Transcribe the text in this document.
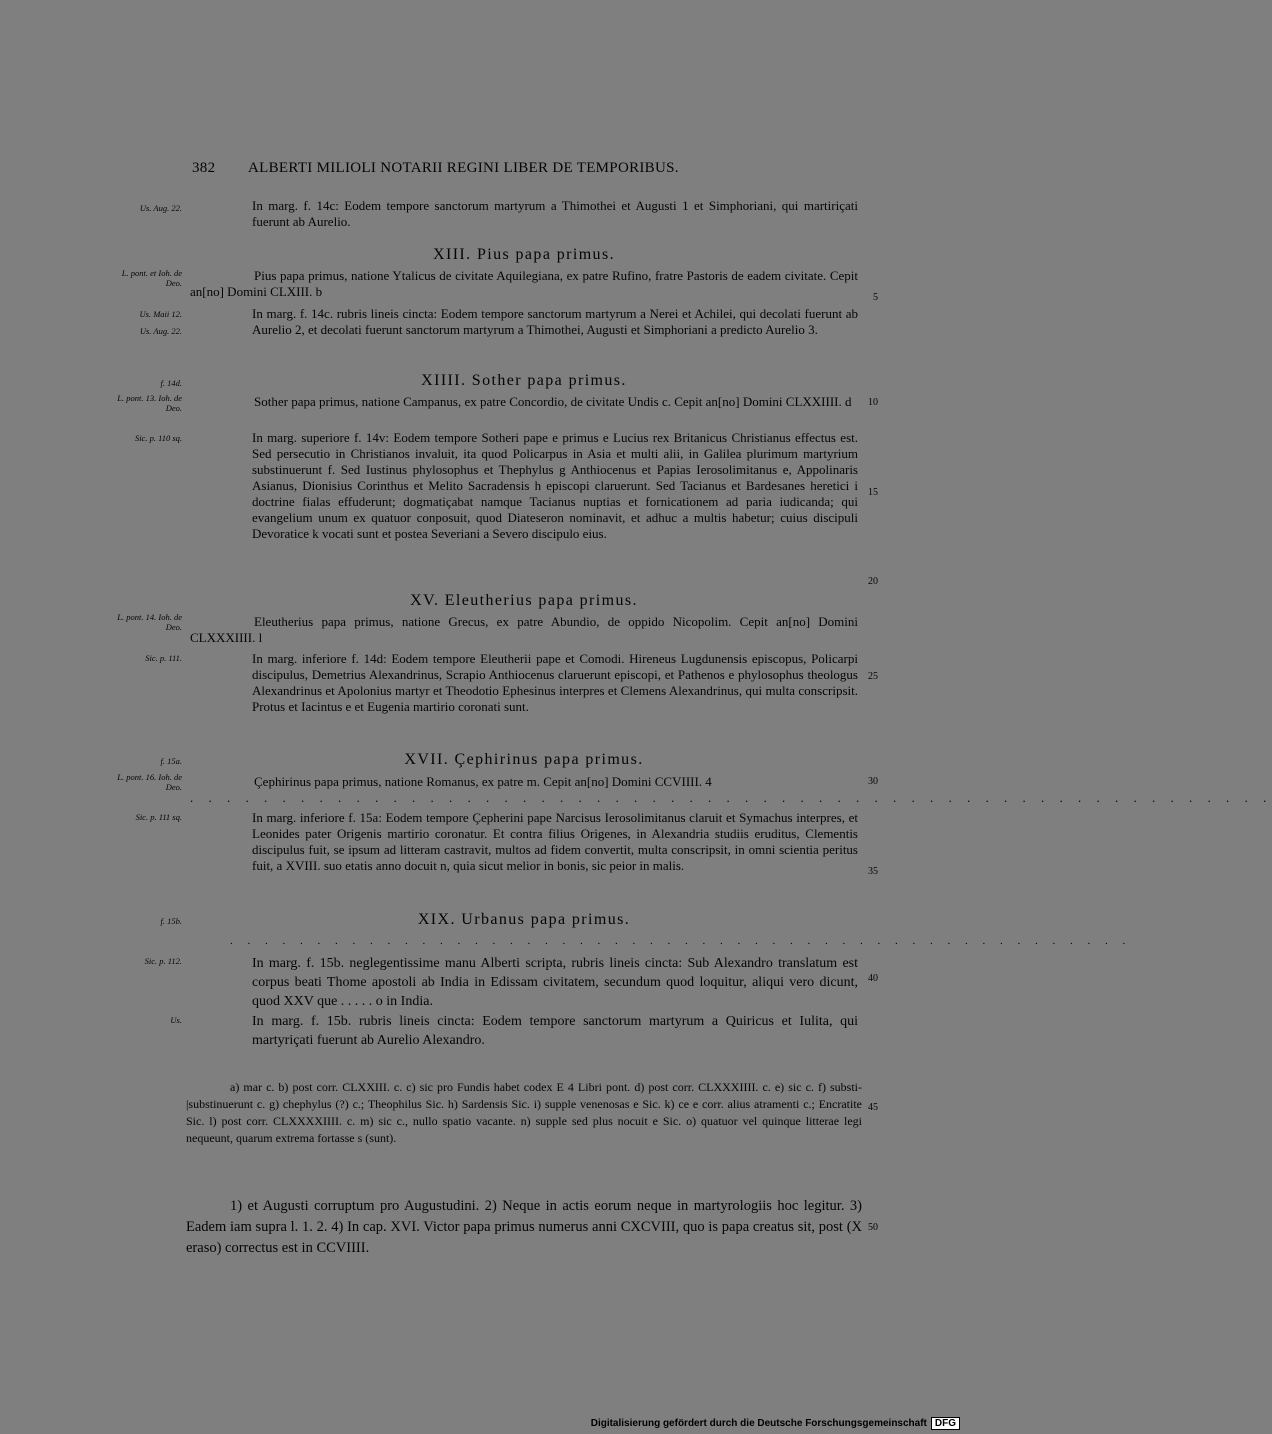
382 ALBERTI MILIOLI NOTARII REGINI LIBER DE TEMPORIBUS.
Us. Aug. 22.
L. pont. et Ioh. de Deo.
Us. Maii 12.
Us. Aug. 22.
f. 14d.
L. pont. 13. Ioh. de Deo.
Sic. p. 110 sq.
L. pont. 14. Ioh. de Deo.
Sic. p. 111.
f. 15a.
L. pont. 16. Ioh. de Deo.
Sic. p. 111 sq.
f. 15b.
Sic. p. 112.
Us.
5
10
15
20
25
30
35
40
45
50

In marg. f. 14c: Eodem tempore sanctorum martyrum a Thimothei et Augusti 1 et Simphoriani, qui martiriçati fuerunt ab Aurelio.

XIII. Pius papa primus.

Pius papa primus, natione Ytalicus de civitate Aquilegiana, ex patre Rufino, fratre Pastoris de eadem civitate. Cepit an[no] Domini CLXIII. b

In marg. f. 14c. rubris lineis cincta: Eodem tempore sanctorum martyrum a Nerei et Achilei, qui decolati fuerunt ab Aurelio 2, et decolati fuerunt sanctorum martyrum a Thimothei, Augusti et Simphoriani a predicto Aurelio 3.

XIIII. Sother papa primus.

Sother papa primus, natione Campanus, ex patre Concordio, de civitate Undis c. Cepit an[no] Domini CLXXIIII. d

In marg. superiore f. 14v: Eodem tempore Sotheri pape e primus e Lucius rex Britanicus Christianus effectus est. Sed persecutio in Christianos invaluit, ita quod Policarpus in Asia et multi alii, in Galilea plurimum martyrium substinuerunt f. Sed Iustinus phylosophus et Thephylus g Anthiocenus et Papias Ierosolimitanus e, Appolinaris Asianus, Dionisius Corinthus et Melito Sacradensis h episcopi claruerunt. Sed Tacianus et Bardesanes heretici i doctrine fialas effuderunt; dogmatiçabat namque Tacianus nuptias et fornicationem ad paria iudicanda; qui evangelium unum ex quatuor conposuit, quod Diateseron nominavit, et adhuc a multis habetur; cuius discipuli Devoratice k vocati sunt et postea Severiani a Severo discipulo eius.

XV. Eleutherius papa primus.

Eleutherius papa primus, natione Grecus, ex patre Abundio, de oppido Nicopolim. Cepit an[no] Domini CLXXXIIII. l

In marg. inferiore f. 14d: Eodem tempore Eleutherii pape et Comodi. Hireneus Lugdunensis episcopus, Policarpi discipulus, Demetrius Alexandrinus, Scrapio Anthiocenus claruerunt episcopi, et Pathenos e phylosophus theologus Alexandrinus et Apolonius martyr et Theodotio Ephesinus interpres et Clemens Alexandrinus, qui multa conscripsit. Protus et Iacintus e et Eugenia martirio coronati sunt.

XVII. Çephirinus papa primus.

Çephirinus papa primus, natione Romanus, ex patre m. Cepit an[no] Domini CCVIIII. 4

. . . . . . . . . . . . . . . . . . . . . . . . . . . . . . . . . . . . . . . . . . . . . . . . . . . . . . . . . . .

In marg. inferiore f. 15a: Eodem tempore Çepherini pape Narcisus Ierosolimitanus claruit et Symachus interpres, et Leonides pater Origenis martirio coronatur. Et contra filius Origenes, in Alexandria studiis eruditus, Clementis discipulus fuit, se ipsum ad litteram castravit, multos ad fidem convertit, multa conscripsit, in omni scientia peritus fuit, a XVIII. suo etatis anno docuit n, quia sicut melior in bonis, sic peior in malis.

XIX. Urbanus papa primus.
. . . . . . . . . . . . . . . . . . . . . . . . . . . . . . . . . . . . . . . . . . . . . . . . . . . .

In marg. f. 15b. neglegentissime manu Alberti scripta, rubris lineis cincta: Sub Alexandro translatum est corpus beati Thome apostoli ab India in Edissam civitatem, secundum quod loquitur, aliqui vero dicunt, quod XXV que . . . . . o in India.

In marg. f. 15b. rubris lineis cincta: Eodem tempore sanctorum martyrum a Quiricus et Iulita, qui martyriçati fuerunt ab Aurelio Alexandro.

a) mar c. b) post corr. CLXXIII. c. c) sic pro Fundis habet codex E 4 Libri pont. d) post corr. CLXXXIIII. c. e) sic c. f) substi-|substinuerunt c. g) chephylus (?) c.; Theophilus Sic. h) Sardensis Sic. i) supple venenosas e Sic. k) ce e corr. alius atramenti c.; Encratite Sic. l) post corr. CLXXXXIIII. c. m) sic c., nullo spatio vacante. n) supple sed plus nocuit e Sic. o) quatuor vel quinque litterae legi nequeunt, quarum extrema fortasse s (sunt).

1) et Augusti corruptum pro Augustudini. 2) Neque in actis eorum neque in martyrologiis hoc legitur. 3) Eadem iam supra l. 1. 2. 4) In cap. XVI. Victor papa primus numerus anni CXCVIII, quo is papa creatus sit, post (X eraso) correctus est in CCVIIII.

Digitalisierung gefördert durch die Deutsche Forschungsgemeinschaft DFG
